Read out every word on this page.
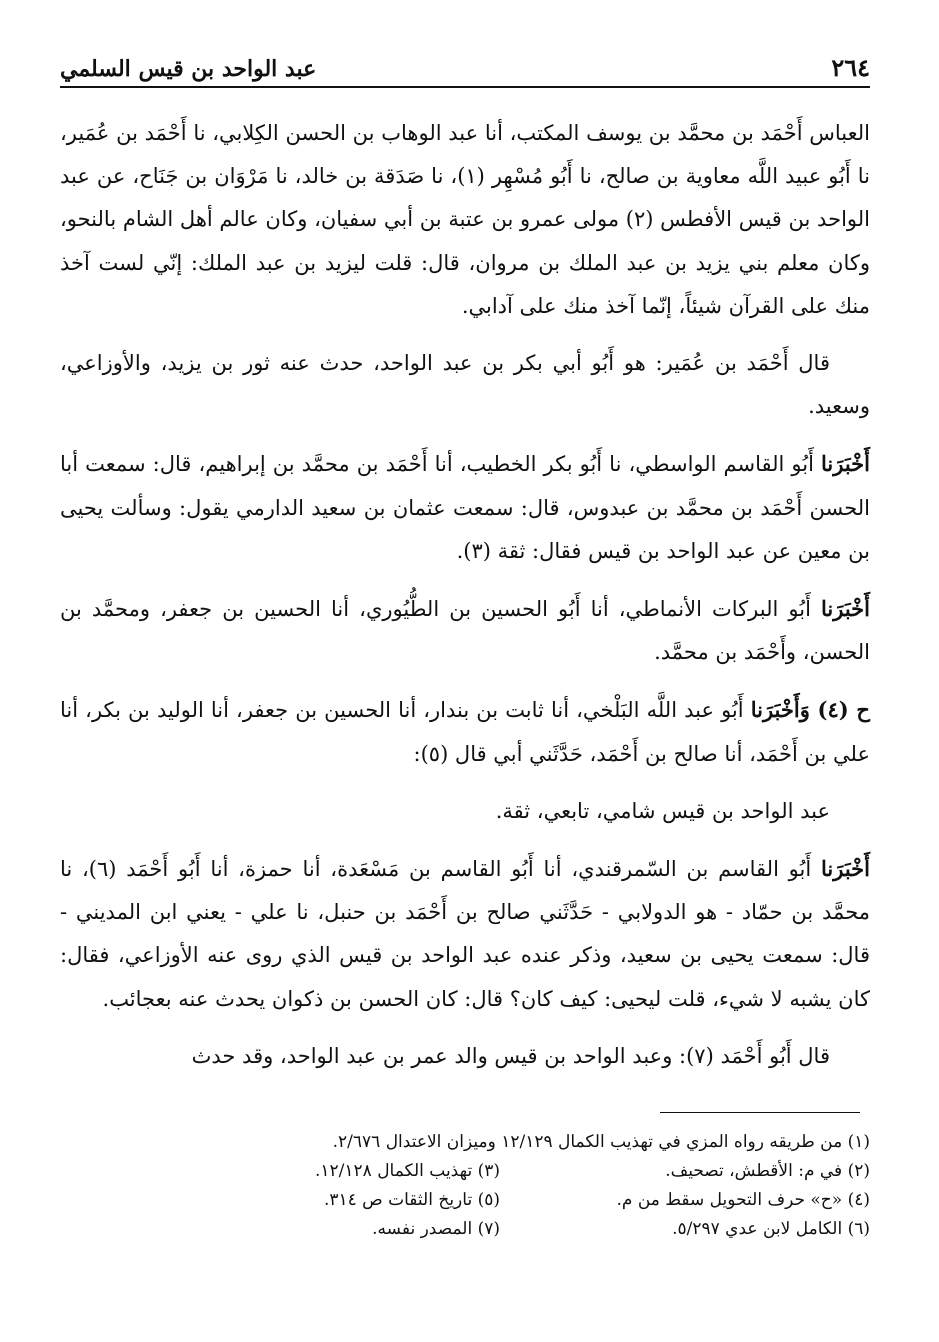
عبد الواحد بن قيس السلمي	٢٦٤

العباس أَحْمَد بن محمَّد بن يوسف المكتب، أنا عبد الوهاب بن الحسن الكِلابي، نا أَحْمَد بن عُمَير، نا أَبُو عبيد اللَّه معاوية بن صالح، نا أَبُو مُسْهِر (١)، نا صَدَقة بن خالد، نا مَرْوَان بن جَنَاح، عن عبد الواحد بن قيس الأفطس (٢) مولى عمرو بن عتبة بن أبي سفيان، وكان عالم أهل الشام بالنحو، وكان معلم بني يزيد بن عبد الملك بن مروان، قال: قلت ليزيد بن عبد الملك: إنّي لست آخذ منك على القرآن شيئاً، إنّما آخذ منك على آدابي.

قال أَحْمَد بن عُمَير: هو أَبُو أبي بكر بن عبد الواحد، حدث عنه ثور بن يزيد، والأوزاعي، وسعيد.

أَخْبَرَنا أَبُو القاسم الواسطي، نا أَبُو بكر الخطيب، أنا أَحْمَد بن محمَّد بن إبراهيم، قال: سمعت أبا الحسن أَحْمَد بن محمَّد بن عبدوس، قال: سمعت عثمان بن سعيد الدارمي يقول: وسألت يحيى بن معين عن عبد الواحد بن قيس فقال: ثقة (٣).

أَخْبَرَنا أَبُو البركات الأنماطي، أنا أَبُو الحسين بن الطُّيُوري، أنا الحسين بن جعفر، ومحمَّد بن الحسن، وأَحْمَد بن محمَّد.

ح (٤) وَأَخْبَرَنا أَبُو عبد اللَّه البَلْخي، أنا ثابت بن بندار، أنا الحسين بن جعفر، أنا الوليد بن بكر، أنا علي بن أَحْمَد، أنا صالح بن أَحْمَد، حَدَّثَني أبي قال (٥):

عبد الواحد بن قيس شامي، تابعي، ثقة.

أَخْبَرَنا أَبُو القاسم بن السّمرقندي، أنا أَبُو القاسم بن مَسْعَدة، أنا حمزة، أنا أَبُو أَحْمَد (٦)، نا محمَّد بن حمّاد - هو الدولابي - حَدَّثَني صالح بن أَحْمَد بن حنبل، نا علي - يعني ابن المديني - قال: سمعت يحيى بن سعيد، وذكر عنده عبد الواحد بن قيس الذي روى عنه الأوزاعي، فقال: كان يشبه لا شيء، قلت ليحيى: كيف كان؟ قال: كان الحسن بن ذكوان يحدث عنه بعجائب.

قال أَبُو أَحْمَد (٧): وعبد الواحد بن قيس والد عمر بن عبد الواحد، وقد حدث

(١) من طريقه رواه المزي في تهذيب الكمال ١٢/١٢٩ وميزان الاعتدال ٢/٦٧٦.
(٢) في م: الأقطش، تصحيف.
(٣) تهذيب الكمال ١٢/١٢٨.
(٤) «ح» حرف التحويل سقط من م.
(٥) تاريخ الثقات ص ٣١٤.
(٦) الكامل لابن عدي ٥/٢٩٧.
(٧) المصدر نفسه.
